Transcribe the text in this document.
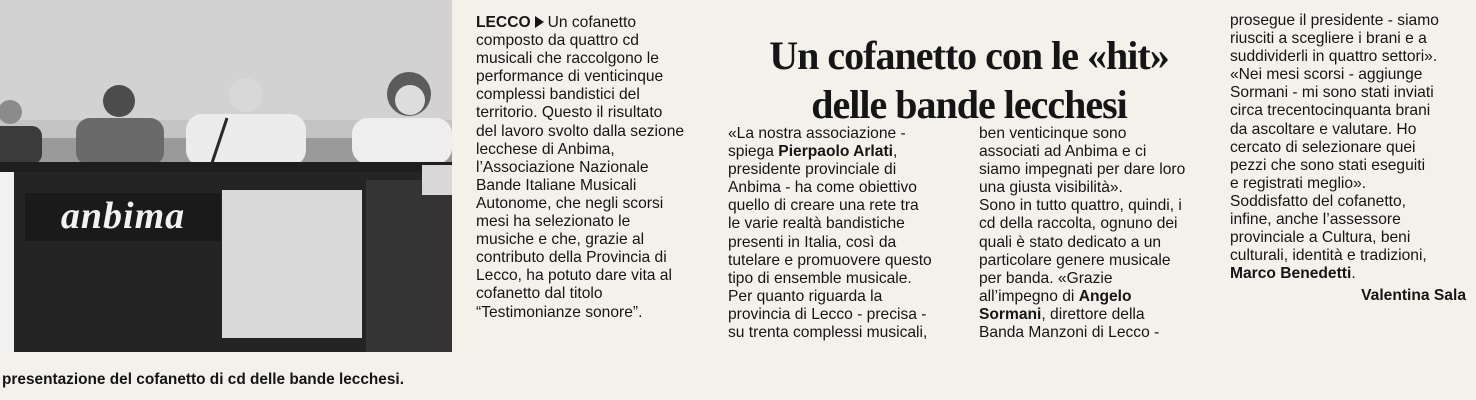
anbima
presentazione del cofanetto di cd delle bande lecchesi.
Un cofanetto con le «hit»
delle bande lecchesi

LECCO Un cofanetto

composto da quattro cd

musicali che raccolgono le

performance di venticinque

complessi bandistici del

territorio. Questo il risultato

del lavoro svolto dalla sezione

lecchese di Anbima,

l’Associazione Nazionale

Bande Italiane Musicali

Autonome, che negli scorsi

mesi ha selezionato le

musiche e che, grazie al

contributo della Provincia di

Lecco, ha potuto dare vita al

cofanetto dal titolo

“Testimonianze sonore”.

«La nostra associazione -

spiega Pierpaolo Arlati,

presidente provinciale di

Anbima - ha come obiettivo

quello di creare una rete tra

le varie realtà bandistiche

presenti in Italia, così da

tutelare e promuovere questo

tipo di ensemble musicale.

Per quanto riguarda la

provincia di Lecco - precisa -

su trenta complessi musicali,

ben venticinque sono

associati ad Anbima e ci

siamo impegnati per dare loro

una giusta visibilità».

Sono in tutto quattro, quindi, i

cd della raccolta, ognuno dei

quali è stato dedicato a un

particolare genere musicale

per banda. «Grazie

all’impegno di Angelo

Sormani, direttore della

Banda Manzoni di Lecco -

prosegue il presidente - siamo

riusciti a scegliere i brani e a

suddividerli in quattro settori».

«Nei mesi scorsi - aggiunge

Sormani - mi sono stati inviati

circa trecentocinquanta brani

da ascoltare e valutare. Ho

cercato di selezionare quei

pezzi che sono stati eseguiti

e registrati meglio».

Soddisfatto del cofanetto,

infine, anche l’assessore

provinciale a Cultura, beni

culturali, identità e tradizioni,

Marco Benedetti.

Valentina Sala
